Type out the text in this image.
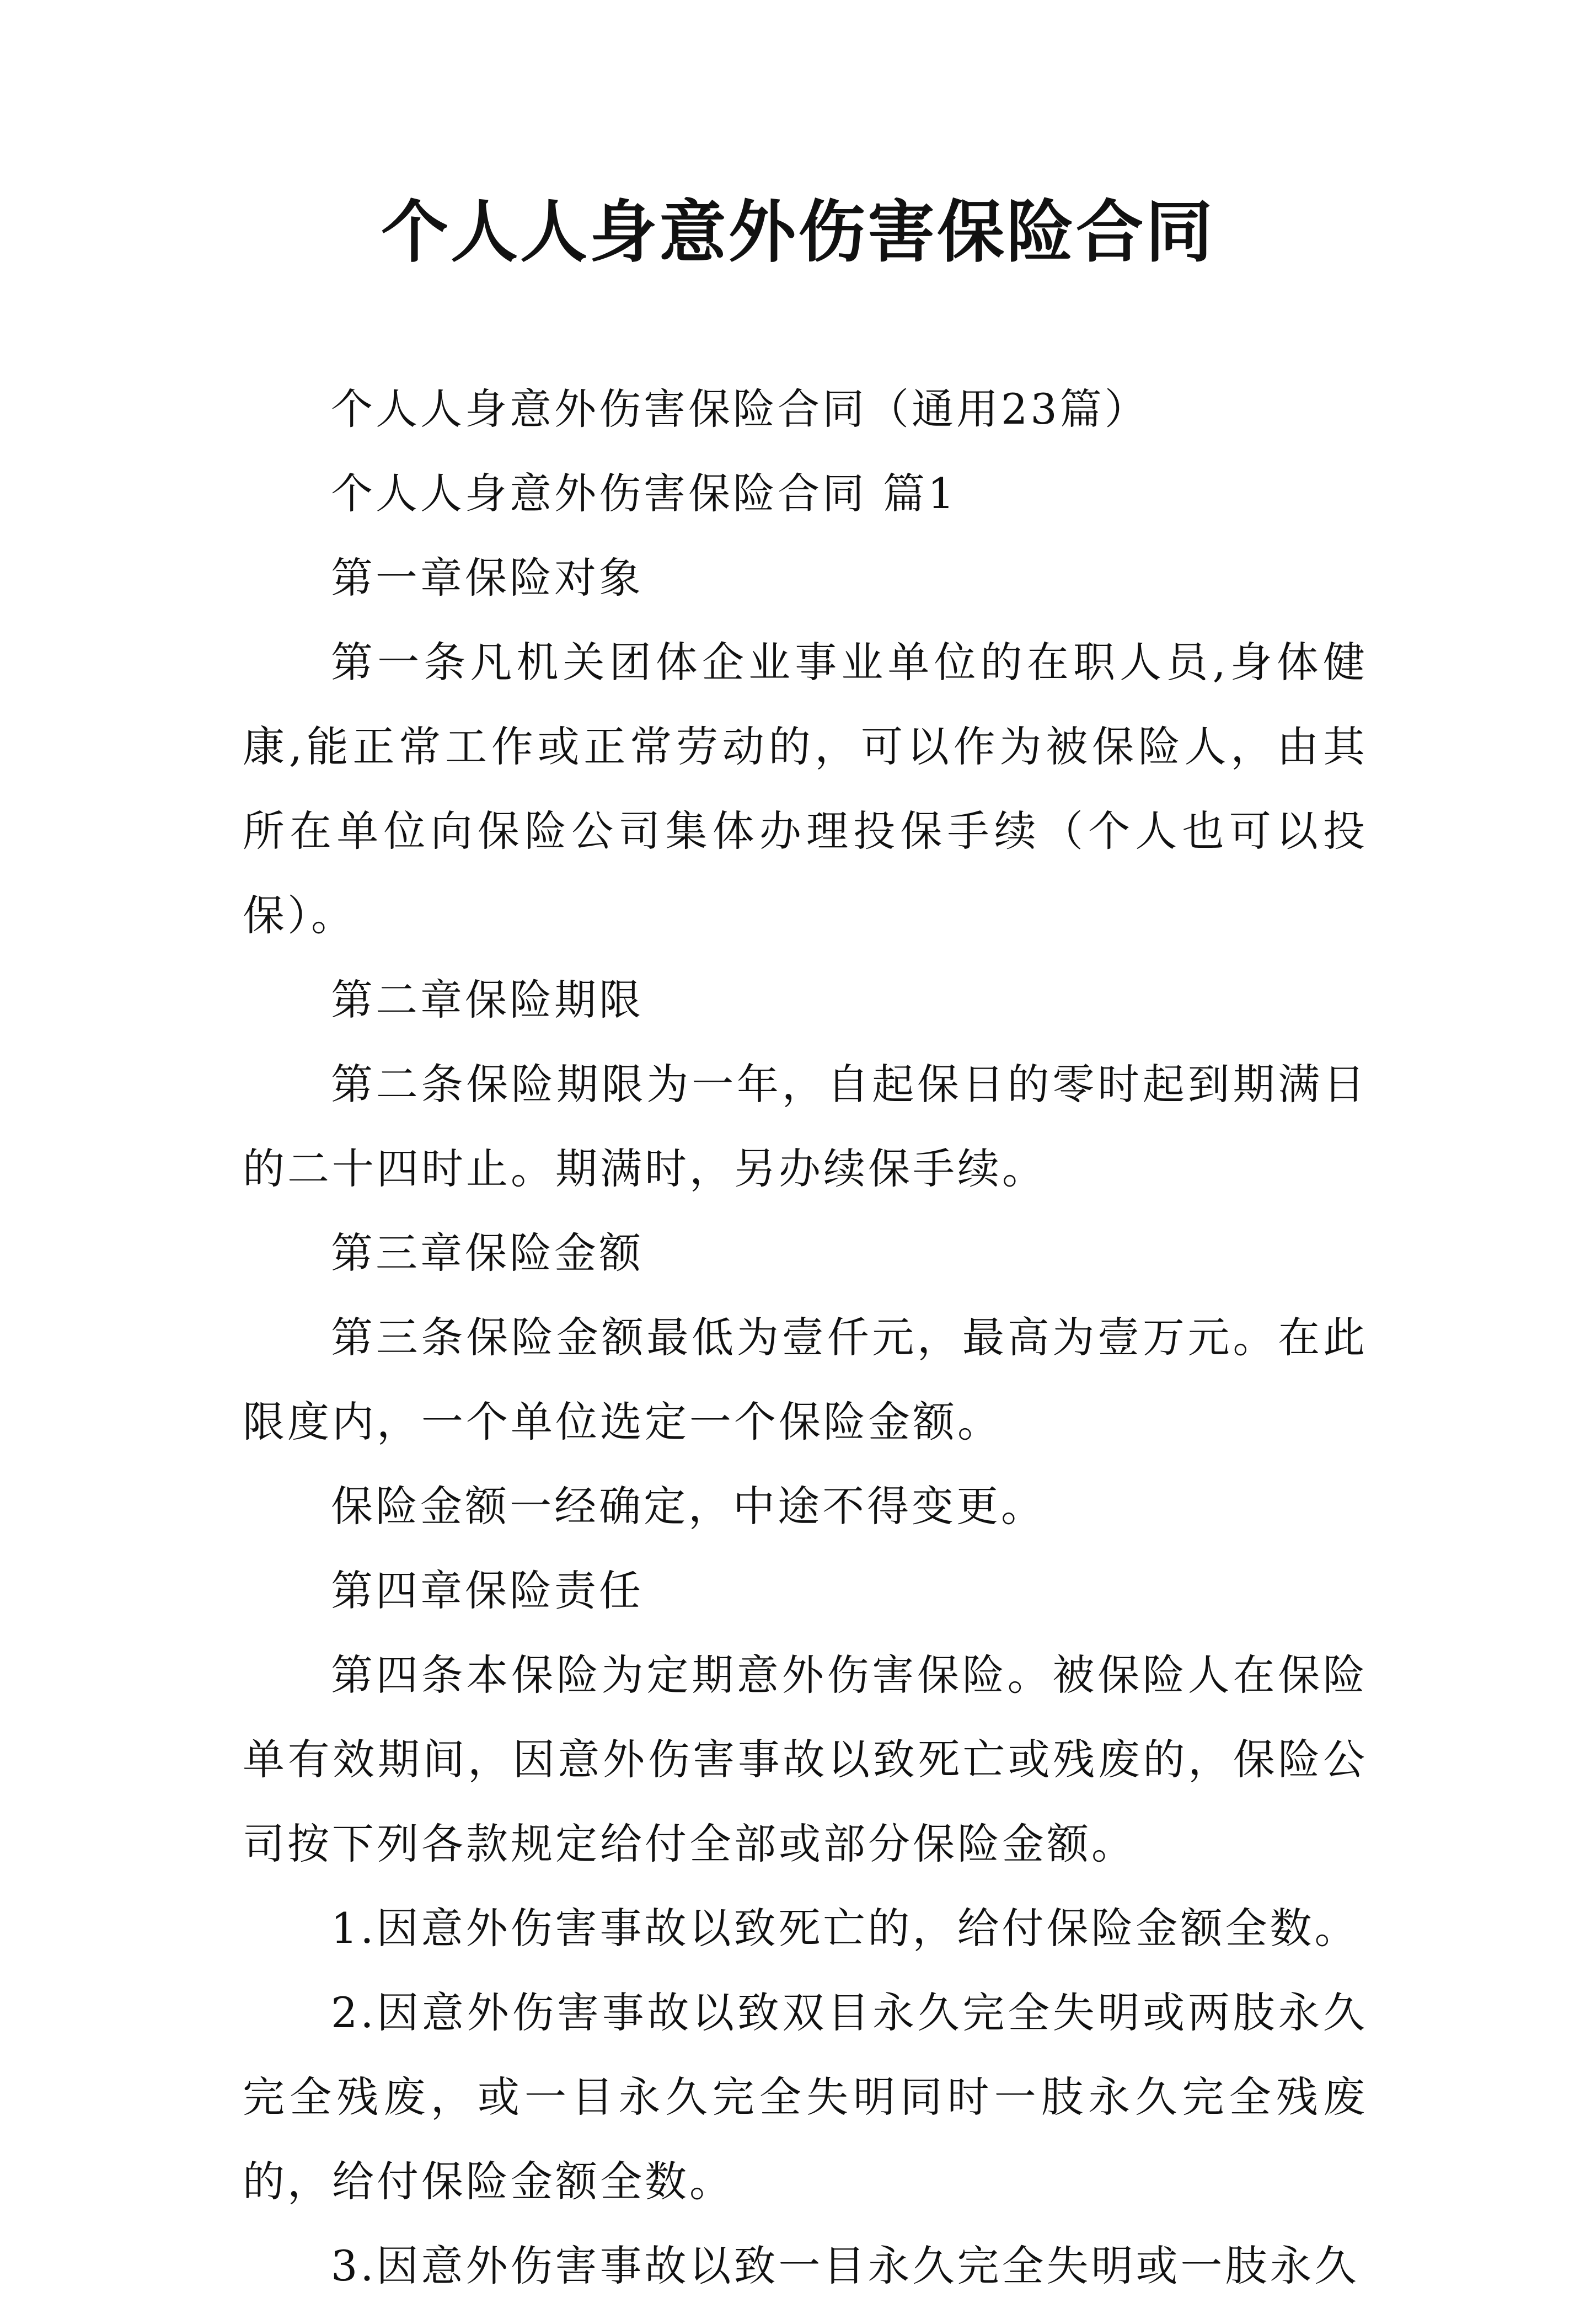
个人人身意外伤害保险合同

个人人身意外伤害保险合同（通用23篇）

个人人身意外伤害保险合同 篇1

第一章保险对象

第一条凡机关团体企业事业单位的在职人员,身体健康,能正常工作或正常劳动的，可以作为被保险人，由其所在单位向保险公司集体办理投保手续（个人也可以投保）。

第二章保险期限

第二条保险期限为一年，自起保日的零时起到期满日的二十四时止。期满时，另办续保手续。

第三章保险金额

第三条保险金额最低为壹仟元，最高为壹万元。在此限度内，一个单位选定一个保险金额。

保险金额一经确定，中途不得变更。

第四章保险责任

第四条本保险为定期意外伤害保险。被保险人在保险单有效期间，因意外伤害事故以致死亡或残废的，保险公司按下列各款规定给付全部或部分保险金额。

1.因意外伤害事故以致死亡的，给付保险金额全数。

2.因意外伤害事故以致双目永久完全失明或两肢永久完全残废，或一目永久完全失明同时一肢永久完全残废的，给付保险金额全数。

3.因意外伤害事故以致一目永久完全失明或一肢永久
